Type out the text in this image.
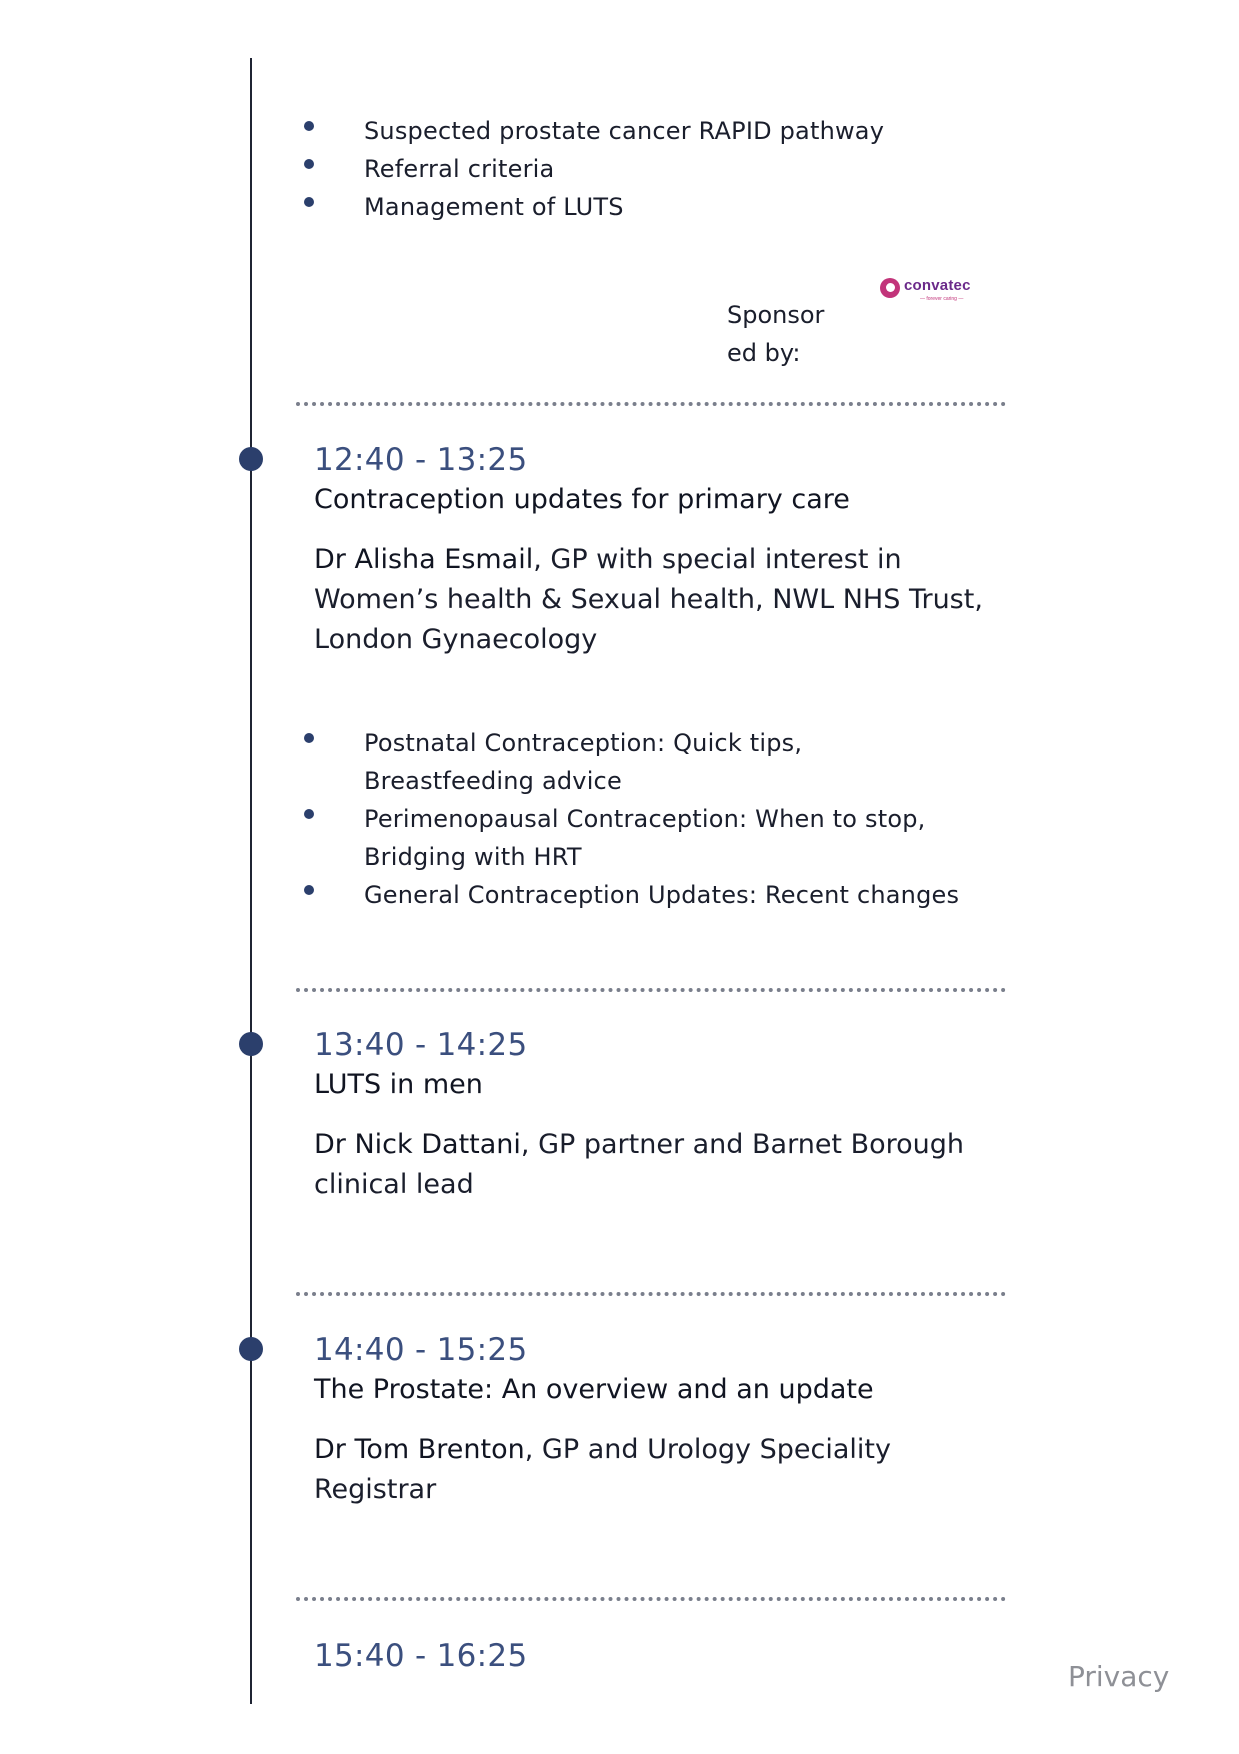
Suspected prostate cancer RAPID pathway
Referral criteria
Management of LUTS
Sponsored by:
convatec
— forever caring —
12:40 - 13:25
Contraception updates for primary care
Dr Alisha Esmail, GP with special interest in Women’s health & Sexual health, NWL NHS Trust, London Gynaecology
Postnatal Contraception: Quick tips, Breastfeeding advice
Perimenopausal Contraception: When to stop, Bridging with HRT
General Contraception Updates: Recent changes
13:40 - 14:25
LUTS in men
Dr Nick Dattani, GP partner and Barnet Borough clinical lead
14:40 - 15:25
The Prostate: An overview and an update
Dr Tom Brenton, GP and Urology Speciality Registrar
15:40 - 16:25
Privacy
